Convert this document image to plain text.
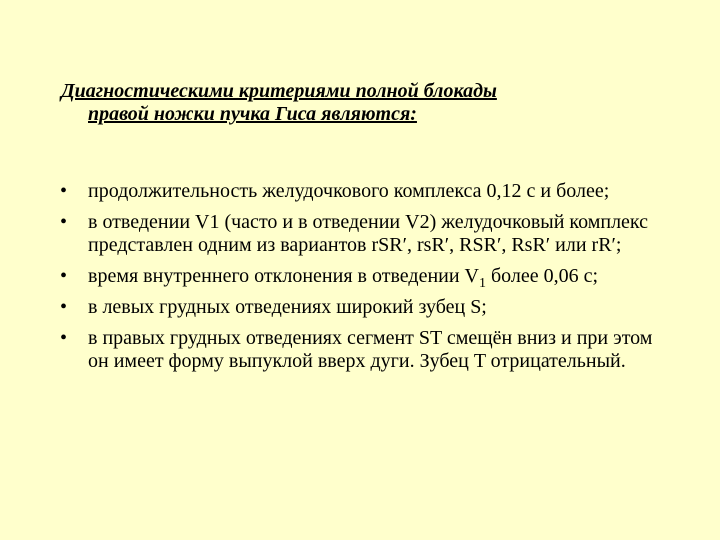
Диагностическими критериями полной блокады
правой ножки пучка Гиса являются:
•	продолжительность желудочкового комплекса 0,12 с и более;
•	в отведении V1 (часто и в отведении V2) желудочковый комплекс представлен одним из вариантов rSR′, rsR′, RSR′, RsR′ или rR′;
•	время внутреннего отклонения в отведении $V_1$ более 0,06 с;
•	в левых грудных отведениях широкий зубец S;
•	в правых грудных отведениях сегмент ST смещён вниз и при этом он имеет форму выпуклой вверх дуги. Зубец T отрицательный.
